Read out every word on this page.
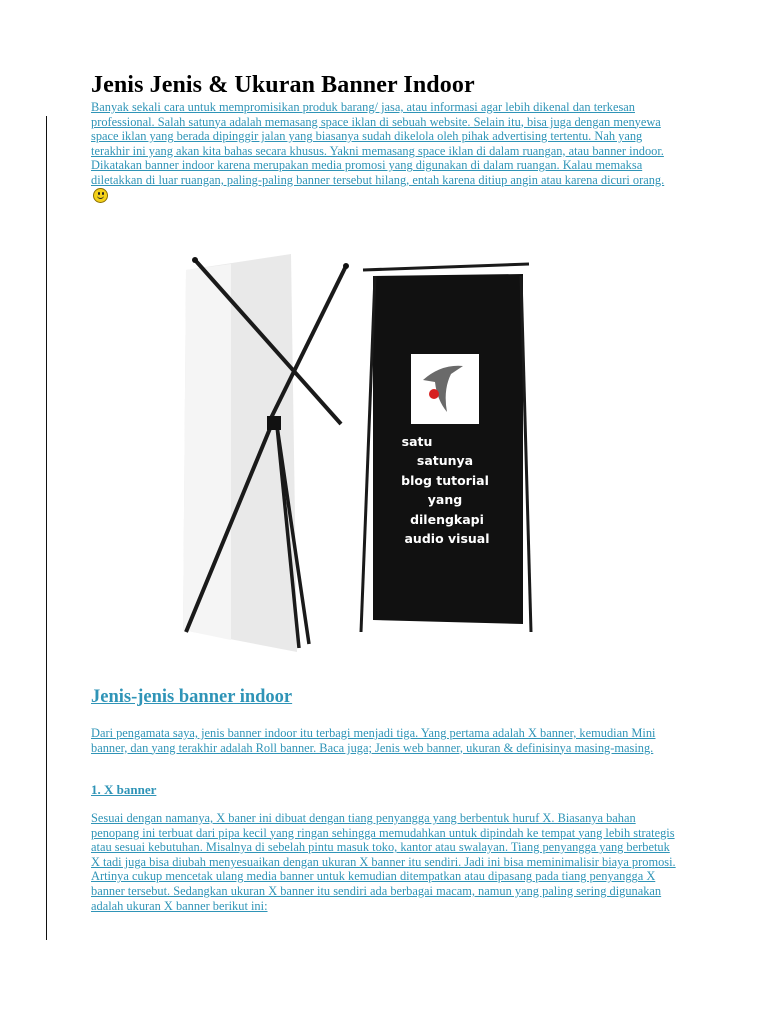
Jenis Jenis & Ukuran Banner Indoor

Banyak sekali cara untuk mempromisikan produk barang/ jasa, atau informasi agar lebih dikenal dan terkesan professional. Salah satunya adalah memasang space iklan di sebuah website. Selain itu, bisa juga dengan menyewa space iklan yang berada dipinggir jalan yang biasanya sudah dikelola oleh pihak advertising tertentu. Nah yang terakhir ini yang akan kita bahas secara khusus. Yakni memasang space iklan di dalam ruangan, atau banner indoor. Dikatakan banner indoor karena merupakan media promosi yang digunakan di dalam ruangan. Kalau memaksa diletakkan di luar ruangan, paling-paling banner tersebut hilang, entah karena ditiup angin atau karena dicuri orang.

satu
satunya
blog tutorial
yang
dilengkapi
audio visual
Jenis-jenis banner indoor

Dari pengamata saya, jenis banner indoor itu terbagi menjadi tiga. Yang pertama adalah X banner, kemudian Mini banner, dan yang terakhir adalah Roll banner. Baca juga; Jenis web banner, ukuran & definisinya masing-masing.

1. X banner

Sesuai dengan namanya, X baner ini dibuat dengan tiang penyangga yang berbentuk huruf X. Biasanya bahan penopang ini terbuat dari pipa kecil yang ringan sehingga memudahkan untuk dipindah ke tempat yang lebih strategis atau sesuai kebutuhan. Misalnya di sebelah pintu masuk toko, kantor atau swalayan. Tiang penyangga yang berbetuk X tadi juga bisa diubah menyesuaikan dengan ukuran X banner itu sendiri. Jadi ini bisa meminimalisir biaya promosi. Artinya cukup mencetak ulang media banner untuk kemudian ditempatkan atau dipasang pada tiang penyangga X banner tersebut. Sedangkan ukuran X banner itu sendiri ada berbagai macam, namun yang paling sering digunakan adalah ukuran X banner berikut ini:
